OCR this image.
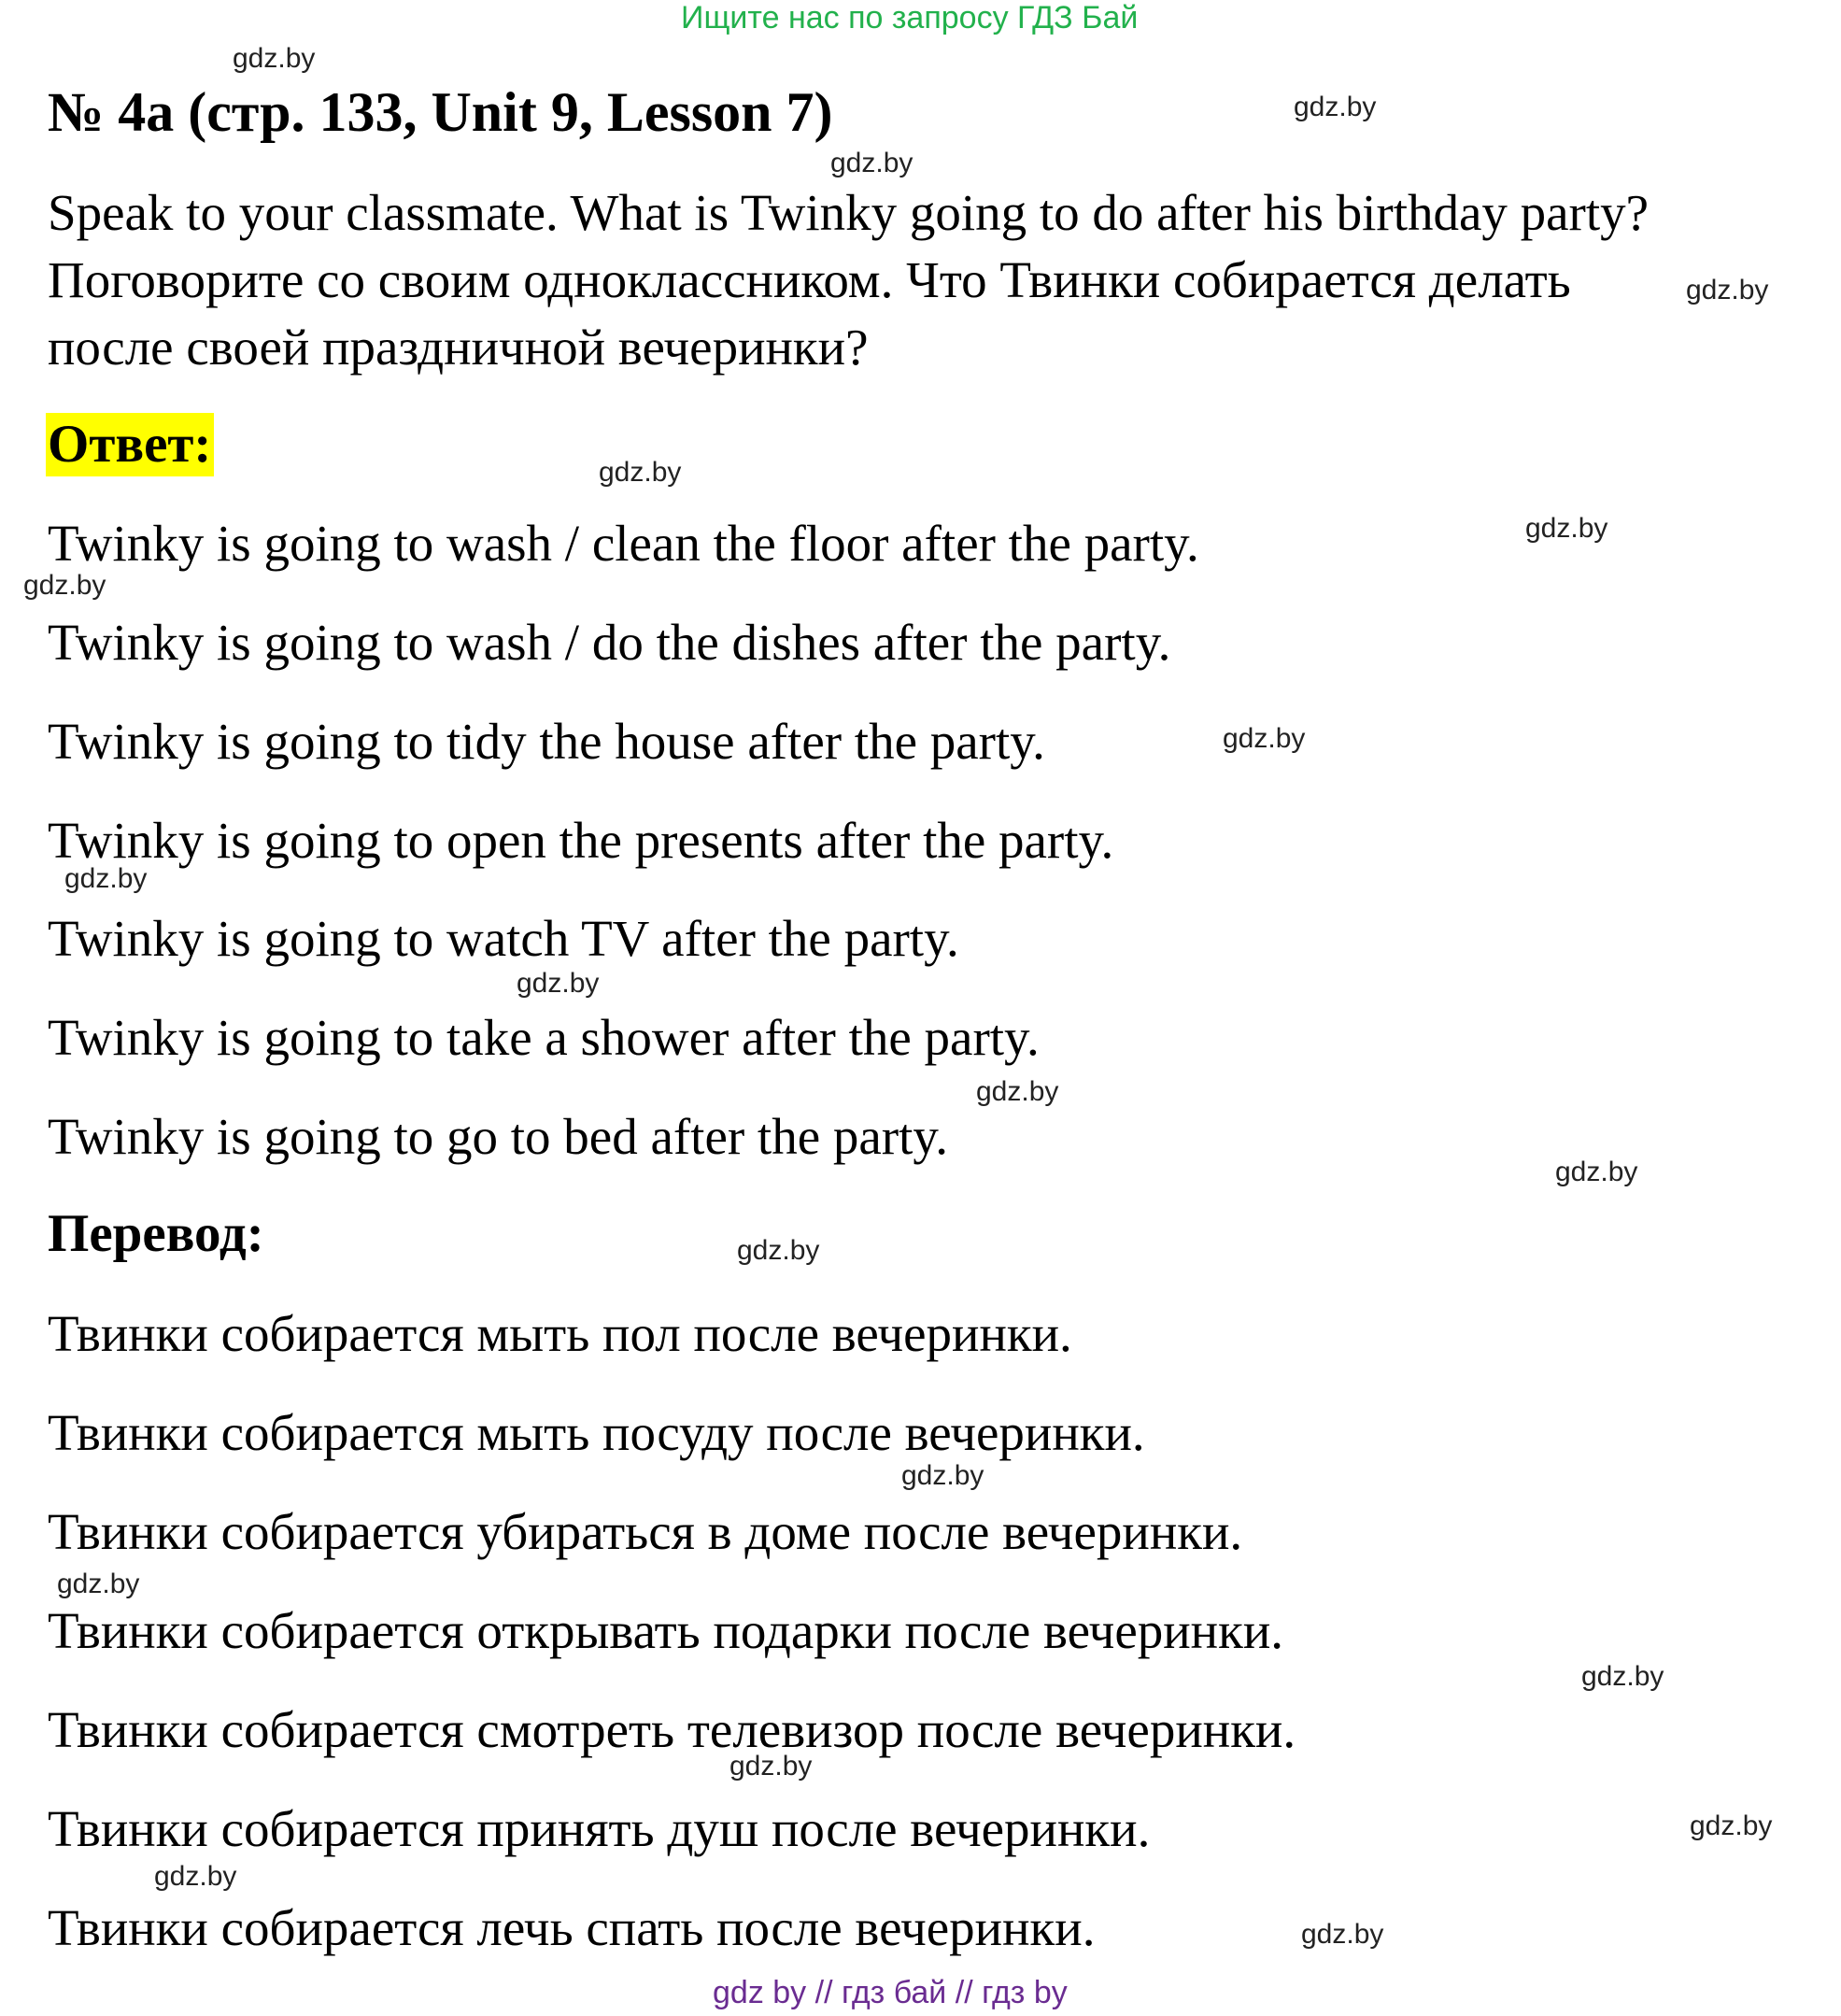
Ищите нас по запросу ГДЗ Бай
№ 4а (стр. 133, Unit 9, Lesson 7)
Speak to your classmate. What is Twinky going to do after his birthday party?
Поговорите со своим одноклассником. Что Твинки собирается делать
после своей праздничной вечеринки?
Ответ:
Twinky is going to wash / clean the floor after the party.
Twinky is going to wash / do the dishes after the party.
Twinky is going to tidy the house after the party.
Twinky is going to open the presents after the party.
Twinky is going to watch TV after the party.
Twinky is going to take a shower after the party.
Twinky is going to go to bed after the party.
Перевод:
Твинки собирается мыть пол после вечеринки.
Твинки собирается мыть посуду после вечеринки.
Твинки собирается убираться в доме после вечеринки.
Твинки собирается открывать подарки после вечеринки.
Твинки собирается смотреть телевизор после вечеринки.
Твинки собирается принять душ после вечеринки.
Твинки собирается лечь спать после вечеринки.
gdz.by
gdz.by
gdz.by
gdz.by
gdz.by
gdz.by
gdz.by
gdz.by
gdz.by
gdz.by
gdz.by
gdz.by
gdz.by
gdz.by
gdz.by
gdz.by
gdz.by
gdz.by
gdz.by
gdz.by
gdz by // гдз бай // гдз by
